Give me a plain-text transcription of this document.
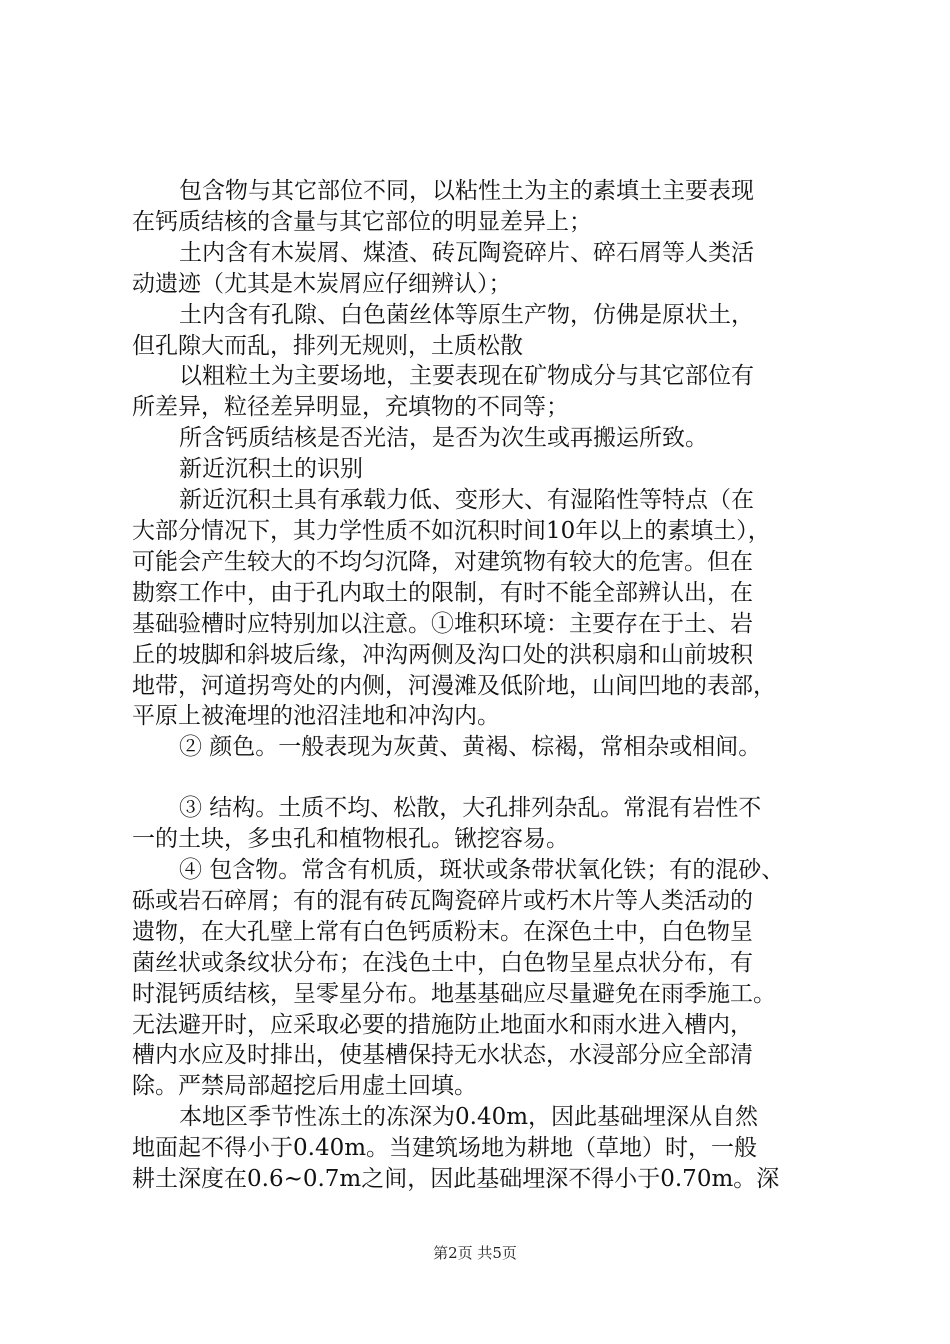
包含物与其它部位不同，以粘性土为主的素填土主要表现
在钙质结核的含量与其它部位的明显差异上；

土内含有木炭屑、煤渣、砖瓦陶瓷碎片、碎石屑等人类活
动遗迹（尤其是木炭屑应仔细辨认）；

土内含有孔隙、白色菌丝体等原生产物，仿佛是原状土，
但孔隙大而乱，排列无规则，土质松散

以粗粒土为主要场地，主要表现在矿物成分与其它部位有
所差异，粒径差异明显，充填物的不同等；

所含钙质结核是否光洁，是否为次生或再搬运所致。

新近沉积土的识别

新近沉积土具有承载力低、变形大、有湿陷性等特点（在
大部分情况下，其力学性质不如沉积时间10年以上的素填土），
可能会产生较大的不均匀沉降，对建筑物有较大的危害。但在
勘察工作中，由于孔内取土的限制，有时不能全部辨认出，在
基础验槽时应特别加以注意。①堆积环境：主要存在于土、岩
丘的坡脚和斜坡后缘，冲沟两侧及沟口处的洪积扇和山前坡积
地带，河道拐弯处的内侧，河漫滩及低阶地，山间凹地的表部，
平原上被淹埋的池沼洼地和冲沟内。

② 颜色。一般表现为灰黄、黄褐、棕褐，常相杂或相间。

③ 结构。土质不均、松散，大孔排列杂乱。常混有岩性不
一的土块，多虫孔和植物根孔。锹挖容易。

④ 包含物。常含有机质，斑状或条带状氧化铁；有的混砂、
砾或岩石碎屑；有的混有砖瓦陶瓷碎片或朽木片等人类活动的
遗物，在大孔壁上常有白色钙质粉末。在深色土中，白色物呈
菌丝状或条纹状分布；在浅色土中，白色物呈星点状分布，有
时混钙质结核，呈零星分布。地基基础应尽量避免在雨季施工。
无法避开时，应采取必要的措施防止地面水和雨水进入槽内，
槽内水应及时排出，使基槽保持无水状态，水浸部分应全部清
除。严禁局部超挖后用虚土回填。

本地区季节性冻土的冻深为0.40m，因此基础埋深从自然
地面起不得小于0.40m。当建筑场地为耕地（草地）时，一般
耕土深度在0.6~0.7m之间，因此基础埋深不得小于0.70m。深

第2页 共5页
